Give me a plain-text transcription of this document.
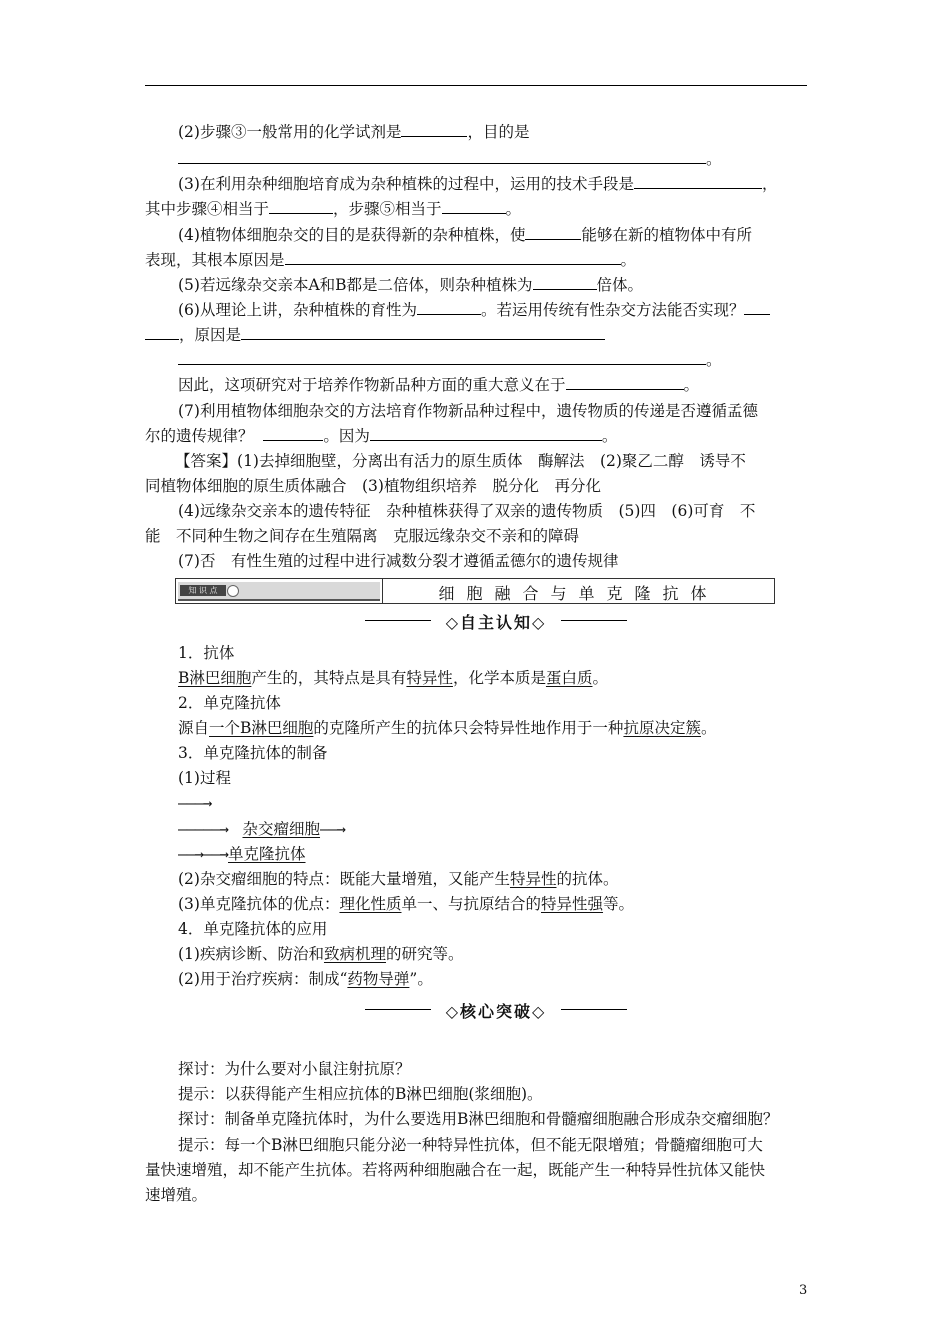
(2)步骤③一般常用的化学试剂是	，目的是
。
(3)在利用杂种细胞培育成为杂种植株的过程中，运用的技术手段是	，
其中步骤④相当于	，步骤⑤相当于	。
(4)植物体细胞杂交的目的是获得新的杂种植株，使	能够在新的植物体中有所
表现，其根本原因是	。
(5)若远缘杂交亲本A和B都是二倍体，则杂种植株为	倍体。
(6)从理论上讲，杂种植株的育性为	。若运用传统有性杂交方法能否实现？
，原因是
。
因此，这项研究对于培养作物新品种方面的重大意义在于	。
(7)利用植物体细胞杂交的方法培育作物新品种过程中，遗传物质的传递是否遵循孟德
尔的遗传规律？	。因为	。
【答案】(1)去掉细胞壁，分离出有活力的原生质体　酶解法　(2)聚乙二醇　诱导不
同植物体细胞的原生质体融合　(3)植物组织培养　脱分化　再分化
(4)远缘杂交亲本的遗传特征　杂种植株获得了双亲的遗传物质　(5)四　(6)可育　不
能　不同种生物之间存在生殖隔离　克服远缘杂交不亲和的障碍
(7)否　有性生殖的过程中进行减数分裂才遵循孟德尔的遗传规律
知 识 点	细胞融合与单克隆抗体
◇自主认知◇
1．抗体
B淋巴细胞产生的，其特点是具有特异性，化学本质是蛋白质。
2．单克隆抗体
源自一个B淋巴细胞的克隆所产生的抗体只会特异性地作用于一种抗原决定簇。
3．单克隆抗体的制备
(1)过程
———→
—————→　杂交瘤细胞——→
——→——→单克隆抗体
(2)杂交瘤细胞的特点：既能大量增殖，又能产生特异性的抗体。
(3)单克隆抗体的优点：理化性质单一、与抗原结合的特异性强等。
4．单克隆抗体的应用
(1)疾病诊断、防治和致病机理的研究等。
(2)用于治疗疾病：制成“药物导弹”。
◇核心突破◇
探讨：为什么要对小鼠注射抗原？
提示：以获得能产生相应抗体的B淋巴细胞(浆细胞)。
探讨：制备单克隆抗体时，为什么要选用B淋巴细胞和骨髓瘤细胞融合形成杂交瘤细胞？
提示：每一个B淋巴细胞只能分泌一种特异性抗体，但不能无限增殖；骨髓瘤细胞可大
量快速增殖，却不能产生抗体。若将两种细胞融合在一起，既能产生一种特异性抗体又能快
速增殖。
3
